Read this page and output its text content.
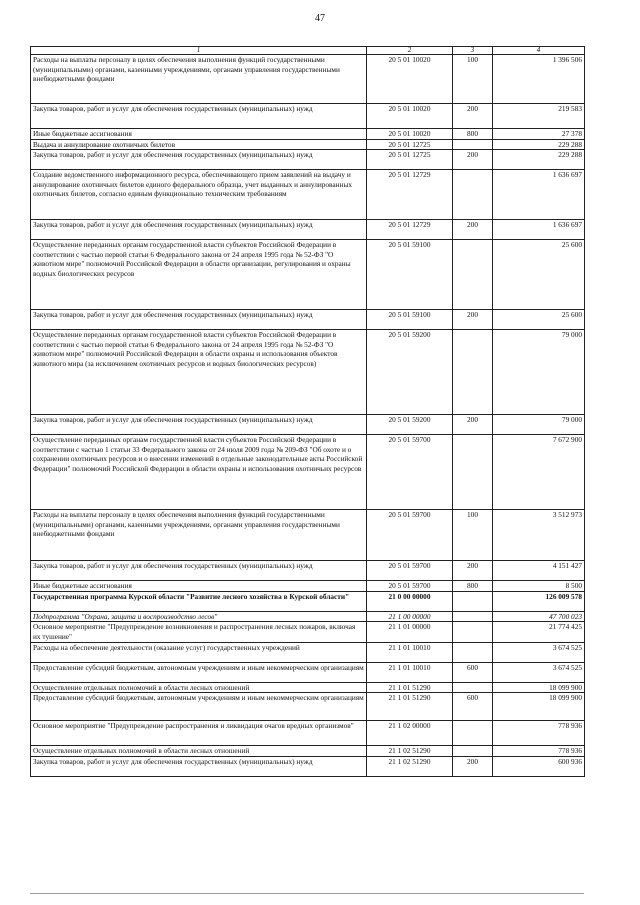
47
1	2	3	4
Расходы на выплаты персоналу в целях обеспечения выполнения функций государственными (муниципальными) органами, казенными учреждениями, органами управления государственными внебюджетными фондами	20 5 01 10020	100	1 396 506
Закупка товаров, работ и услуг для обеспечения государственных (муниципальных) нужд	20 5 01 10020	200	219 583
Иные бюджетные ассигнования	20 5 01 10020	800	27 378
Выдача и аннулирование охотничьих билетов	20 5 01 12725		229 288
Закупка товаров, работ и услуг для обеспечения государственных (муниципальных) нужд	20 5 01 12725	200	229 288
Создание ведомственного информационного ресурса, обеспечивающего прием заявлений на выдачу и аннулирование охотничьих билетов единого федерального образца, учет выданных и аннулированных охотничьих билетов, согласно единым функционально техническим требованиям	20 5 01 12729		1 636 697
Закупка товаров, работ и услуг для обеспечения государственных (муниципальных) нужд	20 5 01 12729	200	1 636 697
Осуществление переданных органам государственной власти субъектов Российской Федерации в соответствии с частью первой статьи 6 Федерального закона от 24 апреля 1995 года № 52-ФЗ "О животном мире" полномочий Российской Федерации в области организации, регулирования и охраны водных биологических ресурсов	20 5 01 59100		25 600
Закупка товаров, работ и услуг для обеспечения государственных (муниципальных) нужд	20 5 01 59100	200	25 600
Осуществление переданных органам государственной власти субъектов Российской Федерации в соответствии с частью первой статьи 6 Федерального закона от 24 апреля 1995 года № 52-ФЗ "О животном мире" полномочий Российской Федерации в области охраны и использования объектов животного мира (за исключением охотничьих ресурсов и водных биологических ресурсов)	20 5 01 59200		79 000
Закупка товаров, работ и услуг для обеспечения государственных (муниципальных) нужд	20 5 01 59200	200	79 000
Осуществление переданных органам государственной власти субъектов Российской Федерации в соответствии с частью 1 статьи 33 Федерального закона от 24 июля 2009 года № 209-ФЗ "Об охоте и о сохранении охотничьих ресурсов и о внесении изменений в отдельные законодательные акты Российской Федерации" полномочий Российской Федерации в области охраны и использования охотничьих ресурсов	20 5 01 59700		7 672 900
Расходы на выплаты персоналу в целях обеспечения выполнения функций государственными (муниципальными) органами, казенными учреждениями, органами управления государственными внебюджетными фондами	20 5 01 59700	100	3 512 973
Закупка товаров, работ и услуг для обеспечения государственных (муниципальных) нужд	20 5 01 59700	200	4 151 427
Иные бюджетные ассигнования	20 5 01 59700	800	8 500
Государственная программа Курской области "Развитие лесного хозяйства в Курской области"	21 0 00 00000		126 009 578
Подпрограмма "Охрана, защита и воспроизводство лесов"	21 1 00 00000		47 700 023
Основное мероприятие "Предупреждение возникновения и распространения лесных пожаров, включая их тушение"	21 1 01 00000		21 774 425
Расходы на обеспечение деятельности (оказание услуг) государственных учреждений	21 1 01 10010		3 674 525
Предоставление субсидий бюджетным, автономным учреждениям и иным некоммерческим организациям	21 1 01 10010	600	3 674 525
Осуществление отдельных полномочий в области лесных отношений	21 1 01 51290		18 099 900
Предоставление субсидий бюджетным, автономным учреждениям и иным некоммерческим организациям	21 1 01 51290	600	18 099 900
Основное мероприятие "Предупреждение распространения и ликвидация очагов вредных организмов"	21 1 02 00000		778 936
Осуществление отдельных полномочий в области лесных отношений	21 1 02 51290		778 936
Закупка товаров, работ и услуг для обеспечения государственных (муниципальных) нужд	21 1 02 51290	200	600 936
